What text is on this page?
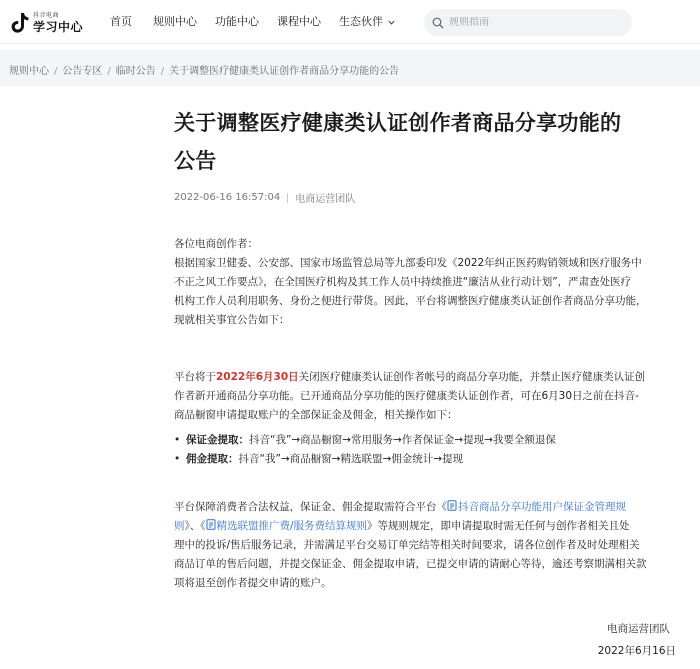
抖音电商
学习中心 首页 规则中心 功能中心 课程中心 生态伙伴
规则指南
规则中心 / 公告专区 / 临时公告 / 关于调整医疗健康类认证创作者商品分享功能的公告
关于调整医疗健康类认证创作者商品分享功能的
公告
2022-06-16 16:57:04 电商运营团队

各位电商创作者：

根据国家卫健委、公安部、国家市场监管总局等九部委印发《2022年纠正医药购销领域和医疗服务中
不正之风工作要点》，在全国医疗机构及其工作人员中持续推进“廉洁从业行动计划”，严肃查处医疗
机构工作人员利用职务、身份之便进行带货。因此，平台将调整医疗健康类认证创作者商品分享功能，
现就相关事宜公告如下：
平台将于2022年6月30日关闭医疗健康类认证创作者帐号的商品分享功能，并禁止医疗健康类认证创
作者新开通商品分享功能。已开通商品分享功能的医疗健康类认证创作者，可在6月30日之前在抖音-
商品橱窗申请提取账户的全部保证金及佣金，相关操作如下：
• 保证金提取：抖音“我”→商品橱窗→常用服务→作者保证金→提现→我要全额退保
• 佣金提取：抖音“我”→商品橱窗→精选联盟→佣金统计→提现
平台保障消费者合法权益，保证金、佣金提取需符合平台《 抖音商品分享功能用户保证金管理规
则》、《 精选联盟推广费/服务费结算规则》等规则规定，即申请提取时需无任何与创作者相关且处
理中的投诉/售后服务记录，并需满足平台交易订单完结等相关时间要求，请各位创作者及时处理相关
商品订单的售后问题，并提交保证金、佣金提取申请，已提交申请的请耐心等待，逾还考察期满相关款
项将退至创作者提交申请的账户。
电商运营团队
2022年6月16日
